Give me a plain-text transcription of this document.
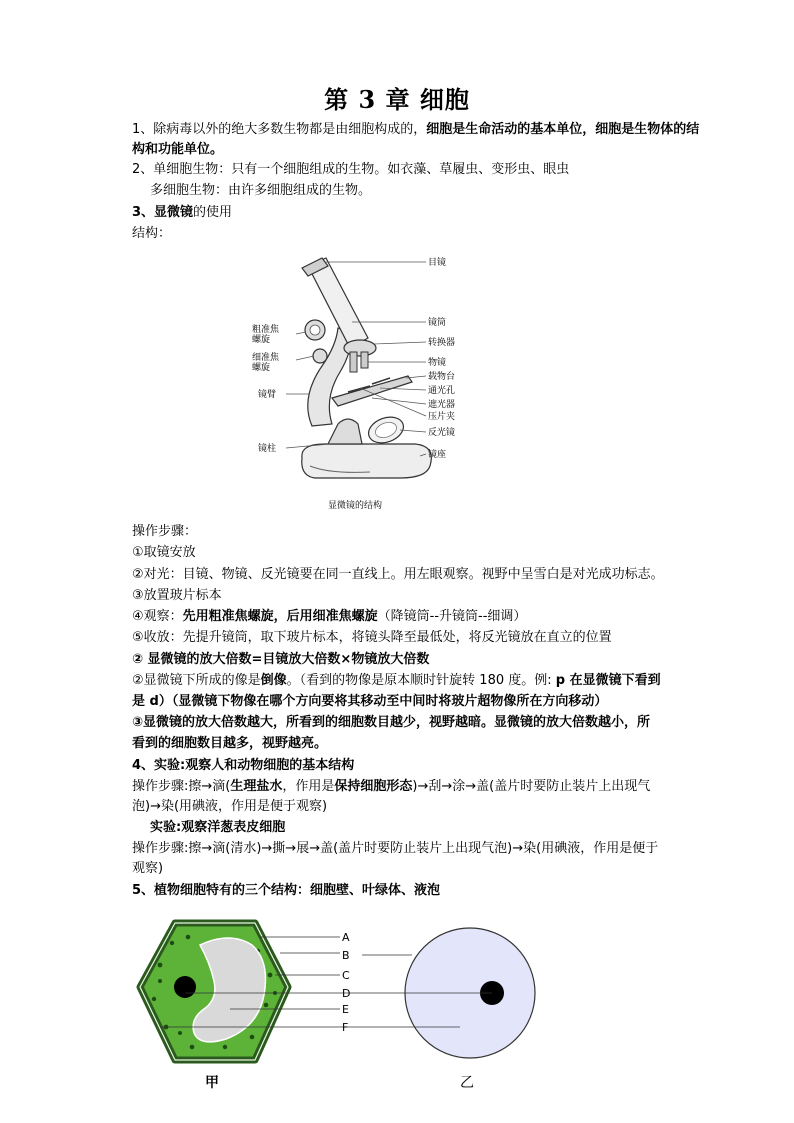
第 3 章 细胞
1、除病毒以外的绝大多数生物都是由细胞构成的，细胞是生命活动的基本单位，细胞是生物体的结构和功能单位。
2、单细胞生物：只有一个细胞组成的生物。如衣藻、草履虫、变形虫、眼虫
多细胞生物：由许多细胞组成的生物。
3、显微镜的使用
结构：
目镜
镜筒
转换器
物镜
载物台
通光孔
遮光器
压片夹
反光镜
镜座
粗准焦
螺旋
细准焦
螺旋
镜臂
镜柱
显微镜的结构
操作步骤：
①取镜安放
②对光：目镜、物镜、反光镜要在同一直线上。用左眼观察。视野中呈雪白是对光成功标志。
③放置玻片标本
④观察：先用粗准焦螺旋，后用细准焦螺旋（降镜筒--升镜筒--细调）
⑤收放：先提升镜筒，取下玻片标本，将镜头降至最低处，将反光镜放在直立的位置
② 显微镜的放大倍数=目镜放大倍数×物镜放大倍数
②显微镜下所成的像是倒像。（看到的物像是原本顺时针旋转 180 度。例: p 在显微镜下看到
是 d）（显微镜下物像在哪个方向要将其移动至中间时将玻片超物像所在方向移动）
③显微镜的放大倍数越大，所看到的细胞数目越少，视野越暗。显微镜的放大倍数越小，所
看到的细胞数目越多，视野越亮。
4、实验:观察人和动物细胞的基本结构
操作步骤:擦→滴(生理盐水，作用是保持细胞形态)→刮→涂→盖(盖片时要防止装片上出现气
泡)→染(用碘液，作用是便于观察)
实验:观察洋葱表皮细胞
操作步骤:擦→滴(清水)→撕→展→盖(盖片时要防止装片上出现气泡)→染(用碘液，作用是便于
观察)
5、植物细胞特有的三个结构：细胞壁、叶绿体、液泡
A
B
C
D
E
F
甲	乙
